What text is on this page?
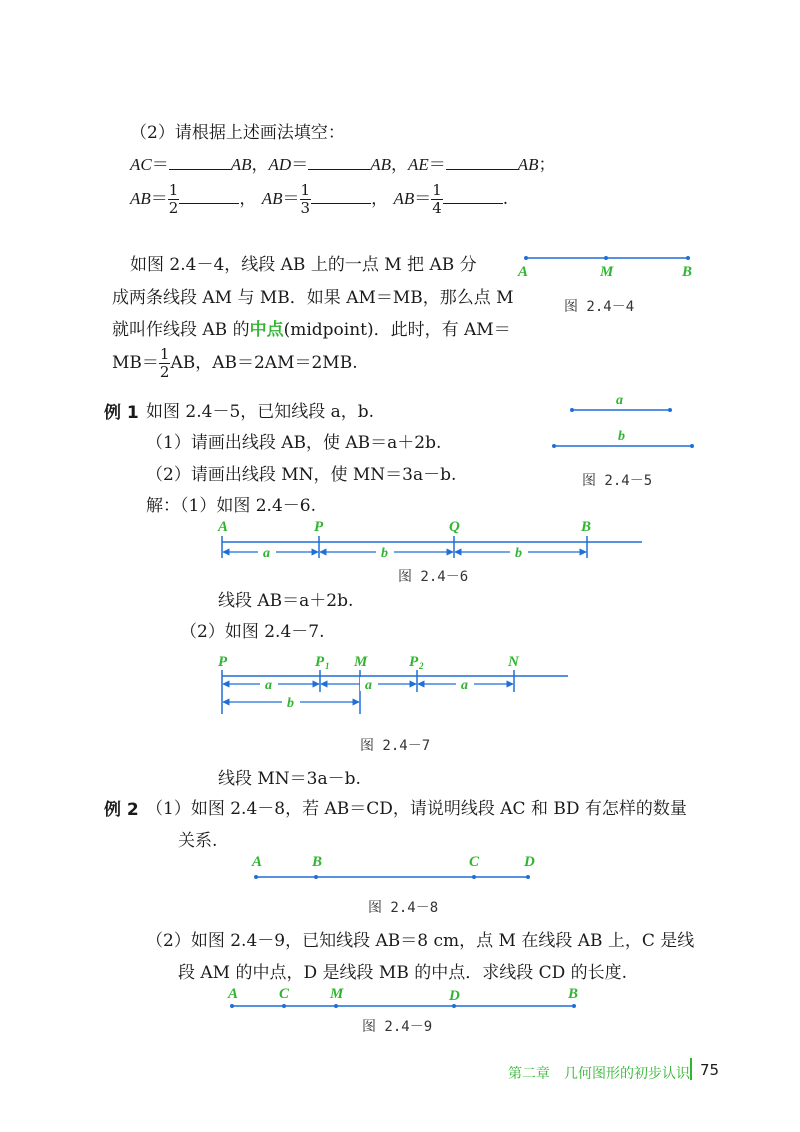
（2）请根据上述画法填空：
AC＝	AB，AD＝	AB，AE＝	AB；
$AB= \frac{1}{2}$	， $AB= \frac{1}{3}$	， $AB= \frac{1}{4}$	.
如图 2.4－4，线段 AB 上的一点 M 把 AB 分
成两条线段 AM 与 MB．如果 AM＝MB，那么点 M
就叫作线段 AB 的中点(midpoint)．此时，有 AM＝
$MB= \frac{1}{2}$ AB，AB＝2AM＝2MB.
A	M	B
图 2.4－4
例 1 如图 2.4－5，已知线段 a，b.
（1）请画出线段 AB，使 AB＝a＋2b.
（2）请画出线段 MN，使 MN＝3a－b.
解：（1）如图 2.4－6.
a
b
图 2.4－5
a	b	b
A	P	Q	B
图 2.4－6
线段 AB＝a＋2b.
（2）如图 2.4－7.
a	a	a
b
P	P 1 M	P 2	N
图 2.4－7
线段 MN＝3a－b.
例 2 （1）如图 2.4－8，若 AB＝CD，请说明线段 AC 和 BD 有怎样的数量
关系.
A	B	C	D
图 2.4－8
（2）如图 2.4－9，已知线段 AB＝8 cm，点 M 在线段 AB 上，C 是线
段 AM 的中点，D 是线段 MB 的中点．求线段 CD 的长度.
A	C	M	D	B
图 2.4－9
第二章　几何图形的初步认识 75
